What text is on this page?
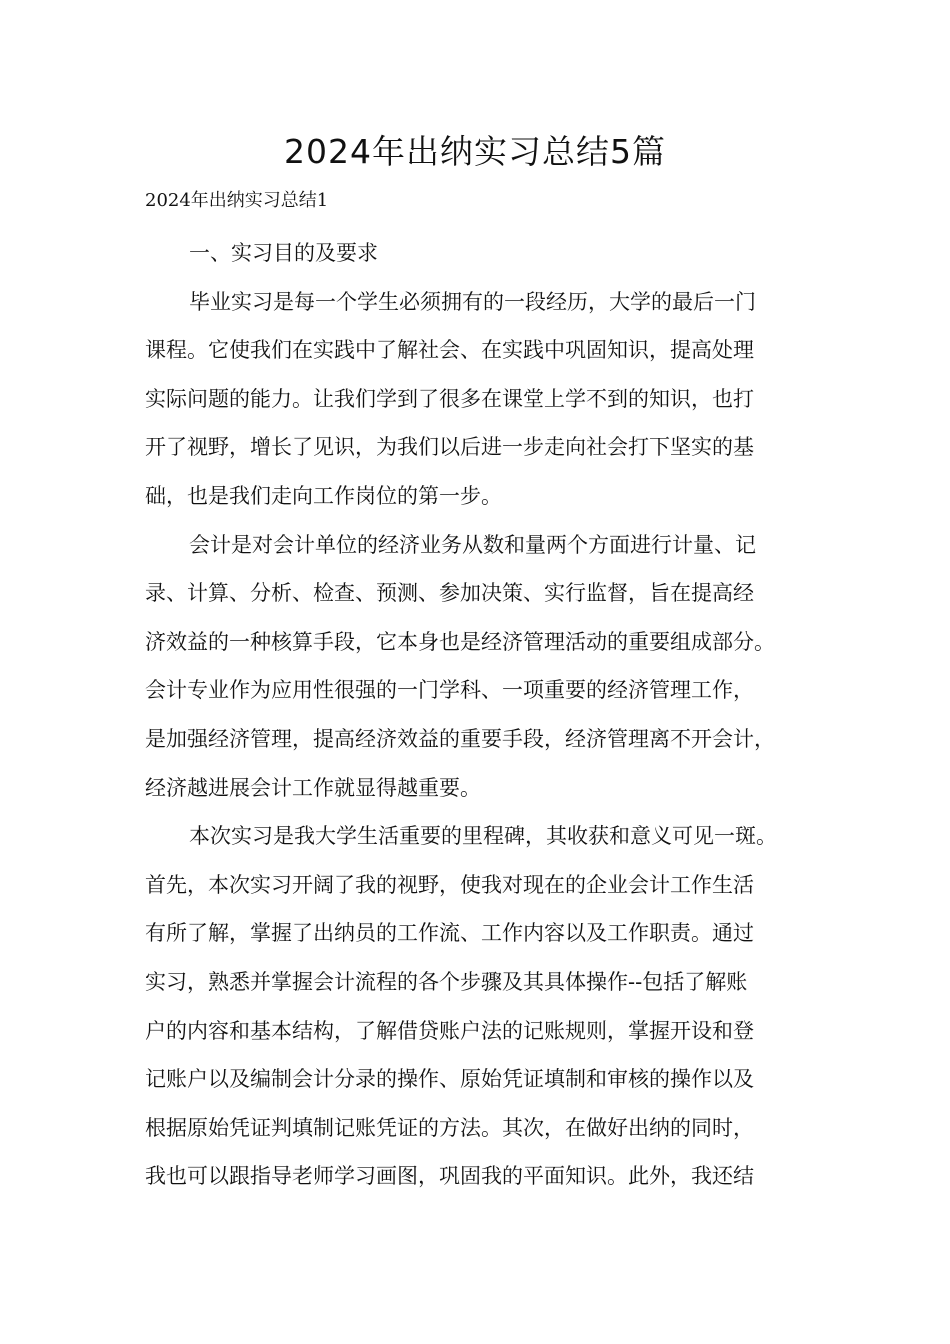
2024年出纳实习总结5篇
2024年出纳实习总结1
一、实习目的及要求
毕业实习是每一个学生必须拥有的一段经历，大学的最后一门
课程。它使我们在实践中了解社会、在实践中巩固知识，提高处理
实际问题的能力。让我们学到了很多在课堂上学不到的知识，也打
开了视野，增长了见识，为我们以后进一步走向社会打下坚实的基
础，也是我们走向工作岗位的第一步。
会计是对会计单位的经济业务从数和量两个方面进行计量、记
录、计算、分析、检查、预测、参加决策、实行监督，旨在提高经
济效益的一种核算手段，它本身也是经济管理活动的重要组成部分。
会计专业作为应用性很强的一门学科、一项重要的经济管理工作，
是加强经济管理，提高经济效益的重要手段，经济管理离不开会计，
经济越进展会计工作就显得越重要。
本次实习是我大学生活重要的里程碑，其收获和意义可见一斑。
首先，本次实习开阔了我的视野，使我对现在的企业会计工作生活
有所了解，掌握了出纳员的工作流、工作内容以及工作职责。通过
实习，熟悉并掌握会计流程的各个步骤及其具体操作--包括了解账
户的内容和基本结构，了解借贷账户法的记账规则，掌握开设和登
记账户以及编制会计分录的操作、原始凭证填制和审核的操作以及
根据原始凭证判填制记账凭证的方法。其次，在做好出纳的同时，
我也可以跟指导老师学习画图，巩固我的平面知识。此外，我还结
